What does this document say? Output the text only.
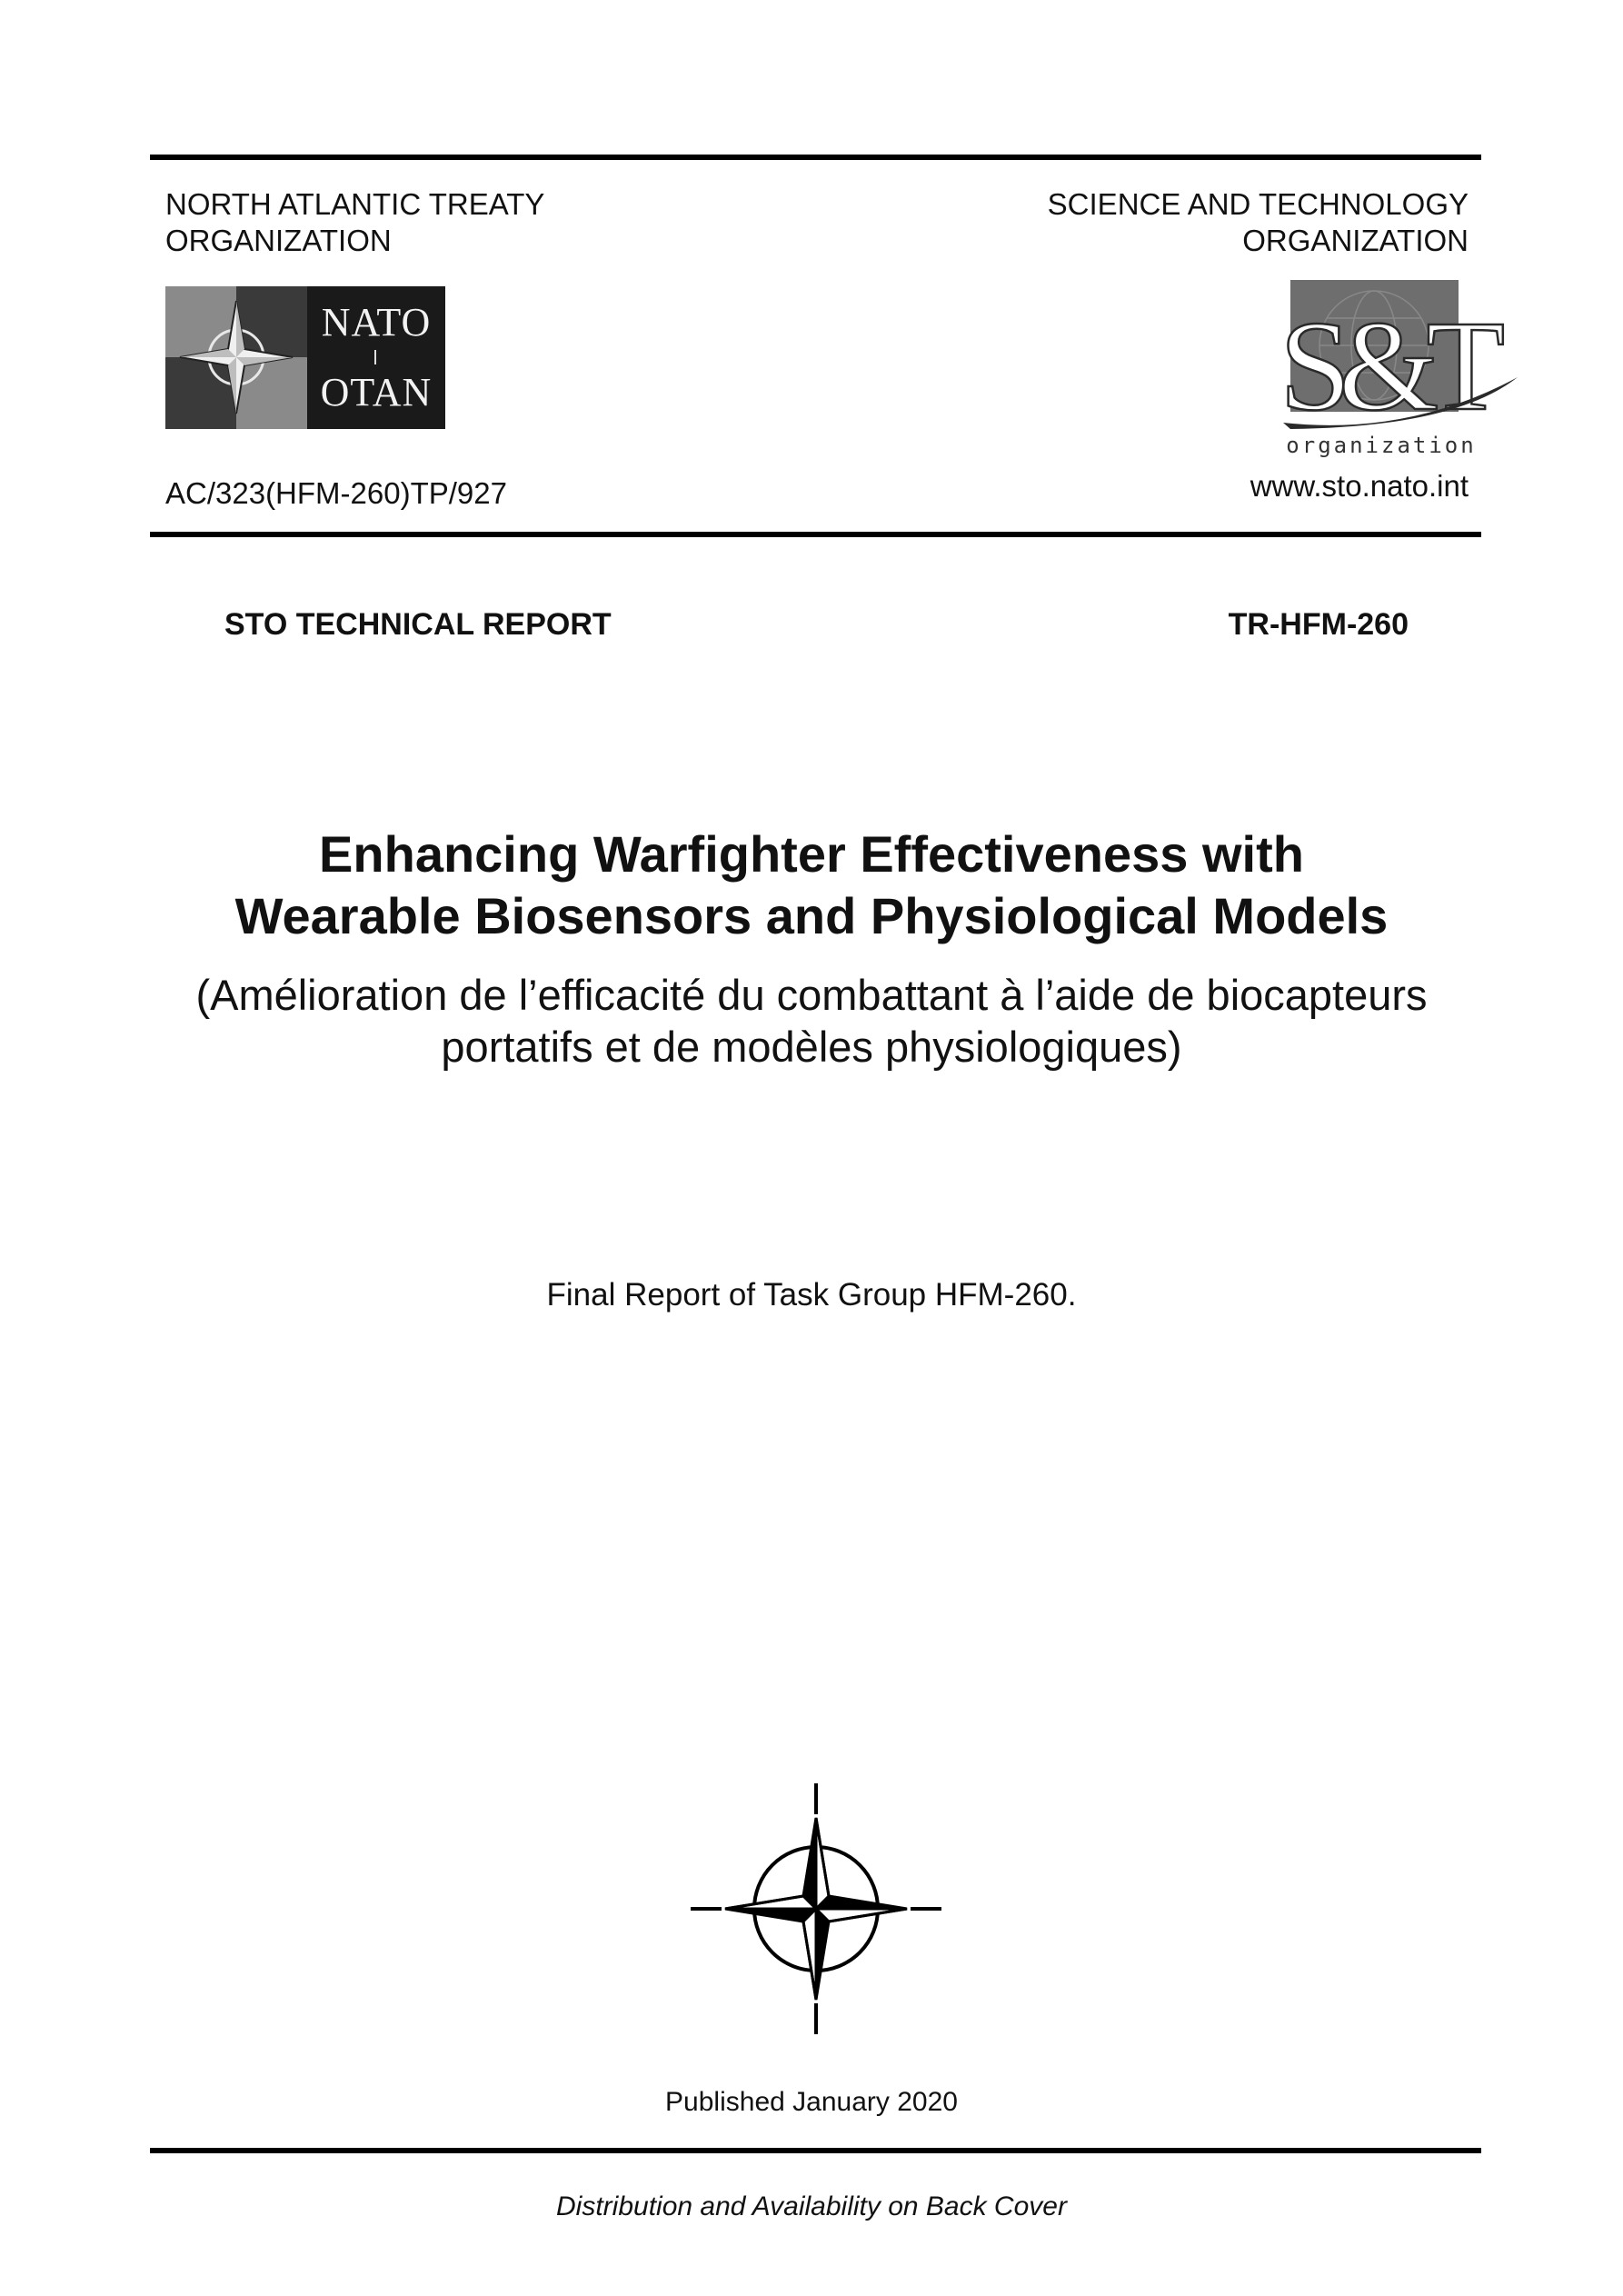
NORTH ATLANTIC TREATY
ORGANIZATION
SCIENCE AND TECHNOLOGY
ORGANIZATION
NATO
OTAN	S&T
organization
AC/323(HFM-260)TP/927	www.sto.nato.int
STO TECHNICAL REPORT	TR-HFM-260
Enhancing Warfighter Effectiveness with
Wearable Biosensors and Physiological Models
(Amélioration de l’efficacité du combattant à l’aide de biocapteurs
portatifs et de modèles physiologiques)
Final Report of Task Group HFM-260.
Published January 2020
Distribution and Availability on Back Cover
